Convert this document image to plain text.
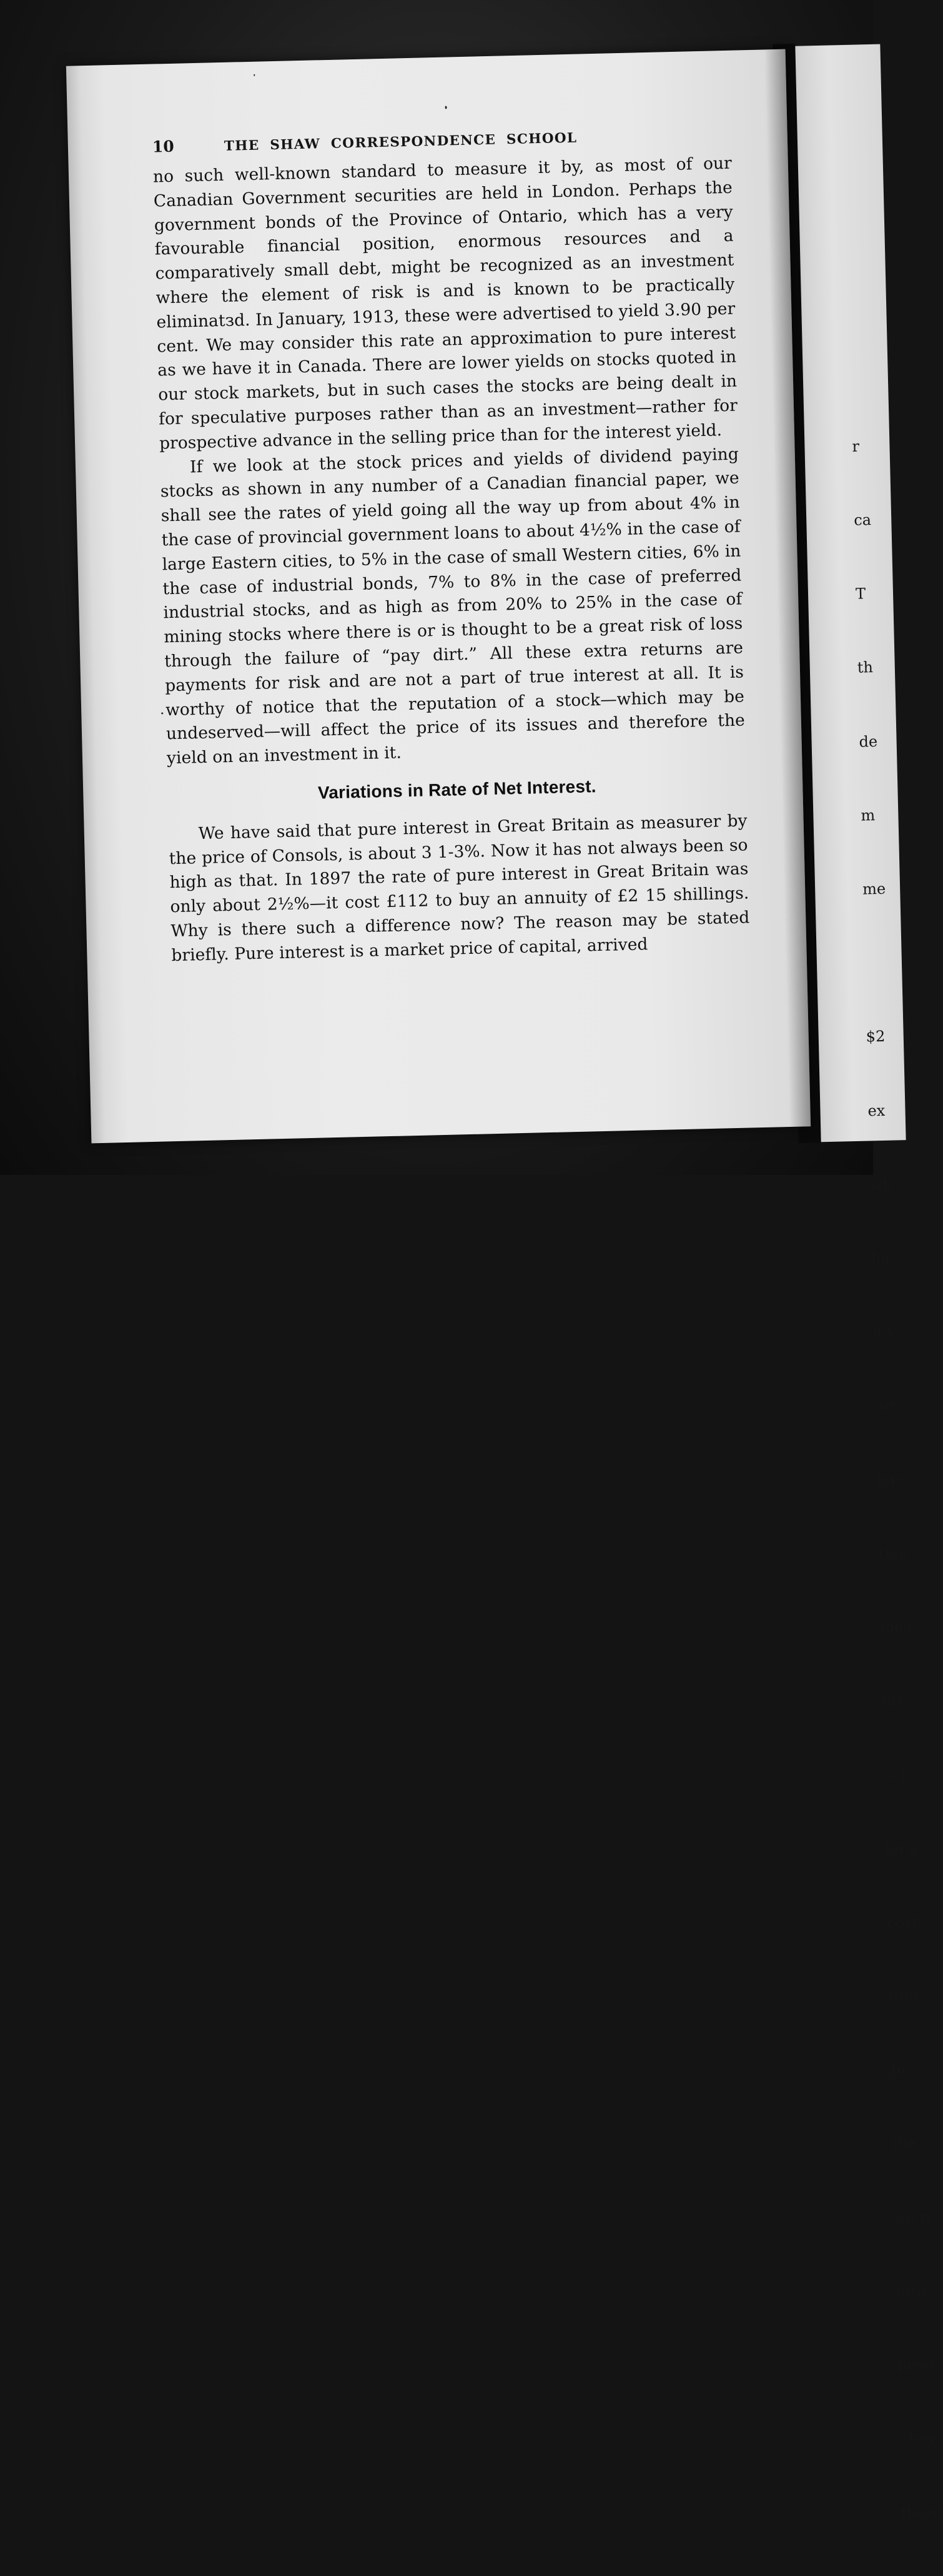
r

ca

T

th

de

m

me

$2

ex

wh

ha

a y

hin

hav

tion

mea

his

is r

be a

cost

tion

Ju

the

we p

futu

need

They

there

10	THE SHAW CORRESPONDENCE SCHOOL

no such well-known standard to measure it by, as most of our Canadian Government securities are held in London. Perhaps the government bonds of the Province of Ontario, which has a very favourable financial position, enormous resources and a comparatively small debt, might be recognized as an investment where the element of risk is and is known to be practically eliminatзd. In January, 1913, these were advertised to yield 3.90 per cent. We may consider this rate an approximation to pure interest as we have it in Canada. There are lower yields on stocks quoted in our stock markets, but in such cases the stocks are being dealt in for speculative purposes rather than as an investment—rather for prospective advance in the selling price than for the interest yield.

If we look at the stock prices and yields of dividend paying stocks as shown in any number of a Canadian financial paper, we shall see the rates of yield going all the way up from about 4% in the case of provincial government loans to about 4½% in the case of large Eastern cities, to 5% in the case of small Western cities, 6% in the case of industrial bonds, 7% to 8% in the case of preferred industrial stocks, and as high as from 20% to 25% in the case of mining stocks where there is or is thought to be a great risk of loss through the failure of “pay dirt.” All these extra returns are payments for risk and are not a part of true interest at all. It is worthy of notice that the reputation of a stock—which may be undeserved—will affect the price of its issues and therefore the yield on an investment in it.

Variations in Rate of Net Interest.

We have said that pure interest in Great Britain as measurer by the price of Consols, is about 3 1-3%. Now it has not always been so high as that. In 1897 the rate of pure interest in Great Britain was only about 2½%—it cost £112 to buy an annuity of £2 15 shillings. Why is there such a difference now? The reason may be stated briefly. Pure interest is a market price of capital, arrived
